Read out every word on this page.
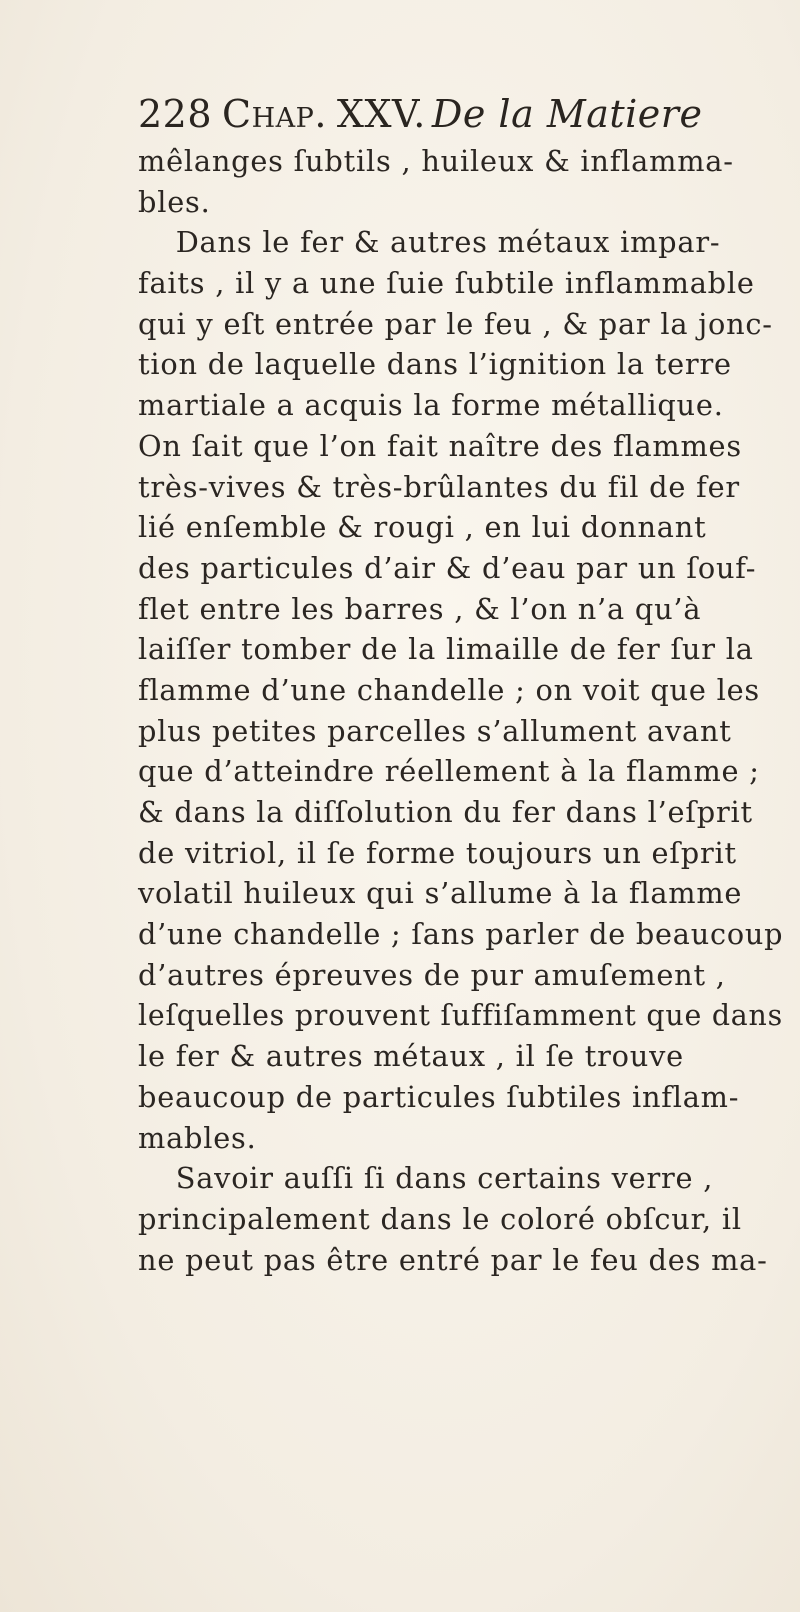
228 Chap. XXV. De la Matiere
mêlanges ſubtils , huileux & inflamma-
bles.
Dans le fer & autres métaux impar-
faits , il y a une ſuie ſubtile inflammable
qui y eſt entrée par le feu , & par la jonc-
tion de laquelle dans l’ignition la terre
martiale a acquis la forme métallique.
On ſait que l’on fait naître des flammes
très-vives & très-brûlantes du fil de fer
lié enſemble & rougi , en lui donnant
des particules d’air & d’eau par un ſouf-
flet entre les barres , & l’on n’a qu’à
laiſſer tomber de la limaille de fer ſur la
flamme d’une chandelle ; on voit que les
plus petites parcelles s’allument avant
que d’atteindre réellement à la flamme ;
& dans la diſſolution du fer dans l’eſprit
de vitriol, il ſe forme toujours un eſprit
volatil huileux qui s’allume à la flamme
d’une chandelle ; ſans parler de beaucoup
d’autres épreuves de pur amuſement ,
leſquelles prouvent ſuffiſamment que dans
le fer & autres métaux , il ſe trouve
beaucoup de particules ſubtiles inflam-
mables.
Savoir auſſi ſi dans certains verre ,
principalement dans le coloré obſcur, il
ne peut pas être entré par le feu des ma-
